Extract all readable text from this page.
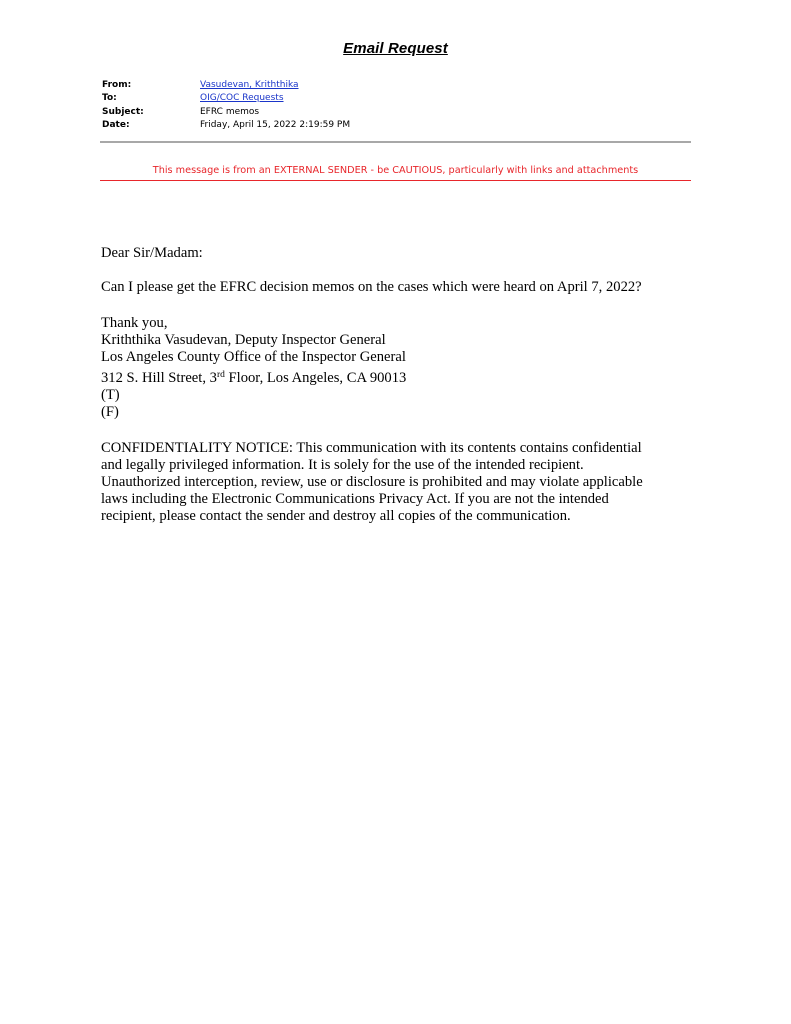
Email Request
From:	Vasudevan, Kriththika
To:	OIG/COC Requests
Subject:	EFRC memos
Date:	Friday, April 15, 2022 2:19:59 PM
This message is from an EXTERNAL SENDER - be CAUTIOUS, particularly with links and attachments
Dear Sir/Madam:
Can I please get the EFRC decision memos on the cases which were heard on April 7, 2022?
Thank you,
Kriththika Vasudevan, Deputy Inspector General
Los Angeles County Office of the Inspector General
312 S. Hill Street, 3rd Floor, Los Angeles, CA 90013
(T)
(F)
CONFIDENTIALITY NOTICE: This communication with its contents contains confidential
and legally privileged information. It is solely for the use of the intended recipient.
Unauthorized interception, review, use or disclosure is prohibited and may violate applicable
laws including the Electronic Communications Privacy Act. If you are not the intended
recipient, please contact the sender and destroy all copies of the communication.
